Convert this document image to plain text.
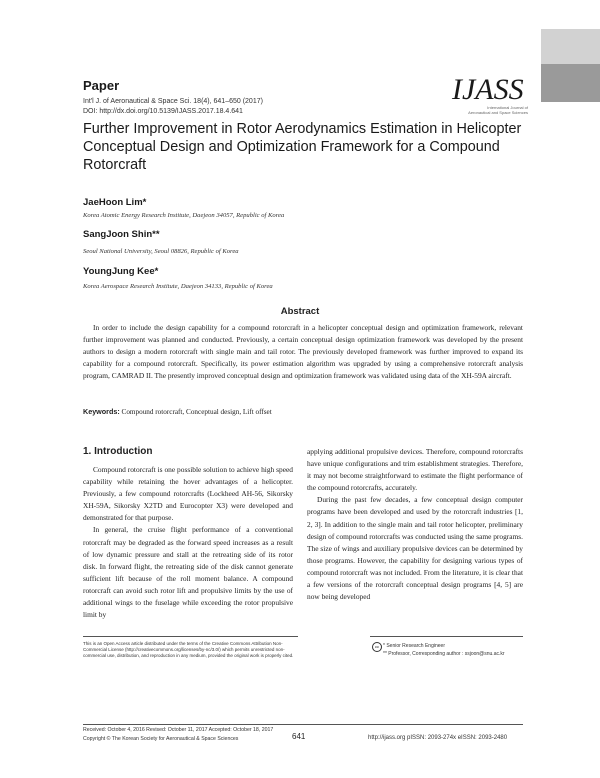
Paper
Int'l J. of Aeronautical & Space Sci. 18(4), 641–650 (2017)
DOI: http://dx.doi.org/10.5139/IJASS.2017.18.4.641
IJASS
International Journal of
Aeronautical and Space Sciences
Further Improvement in Rotor Aerodynamics Estimation in Helicopter Conceptual Design and Optimization Framework for a Compound Rotorcraft
JaeHoon Lim*
Korea Atomic Energy Research Institute, Daejeon 34057, Republic of Korea
SangJoon Shin**
Seoul National University, Seoul 08826, Republic of Korea
YoungJung Kee*
Korea Aerospace Research Institute, Daejeon 34133, Republic of Korea
Abstract
In order to include the design capability for a compound rotorcraft in a helicopter conceptual design and optimization framework, relevant further improvement was planned and conducted. Previously, a certain conceptual design optimization framework was developed by the present authors to design a modern rotorcraft with single main and tail rotor. The previously developed framework was further improved to expand its capability for a compound rotorcraft. Specifically, its power estimation algorithm was upgraded by using a comprehensive rotorcraft analysis program, CAMRAD II. The presently improved conceptual design and optimization framework was validated using data of the XH-59A aircraft.
Keywords: Compound rotorcraft, Conceptual design, Lift offset
1. Introduction

Compound rotorcraft is one possible solution to achieve high speed capability while retaining the hover advantages of a helicopter. Previously, a few compound rotorcrafts (Lockheed AH-56, Sikorsky XH-59A, Sikorsky X2TD and Eurocopter X3) were developed and demonstrated for that purpose.

In general, the cruise flight performance of a conventional rotorcraft may be degraded as the forward speed increases as a result of low dynamic pressure and stall at the retreating side of its rotor disk. In forward flight, the retreating side of the disk cannot generate sufficient lift because of the roll moment balance. A compound rotorcraft can avoid such rotor lift and propulsive limits by the use of additional wings to the fuselage while exceeding the rotor propulsive limit by

applying additional propulsive devices. Therefore, compound rotorcrafts have unique configurations and trim establishment strategies. Therefore, it may not become straightforward to estimate the flight performance of the compound rotorcrafts, accurately.

During the past few decades, a few conceptual design computer programs have been developed and used by the rotorcraft industries [1, 2, 3]. In addition to the single main and tail rotor helicopter, preliminary design of compound rotorcrafts was conducted using the same programs. The size of wings and auxiliary propulsive devices can be determined by those programs. However, the capability for designing various types of compound rotorcraft was not included. From the literature, it is clear that a few versions of the rotorcraft conceptual design programs [4, 5] are now being developed

This is an Open Access article distributed under the terms of the Creative Commons Attribution Non-Commercial License (http://creativecommons.org/licenses/by-nc/3.0/) which permits unrestricted non-commercial use, distribution, and reproduction in any medium, provided the original work is properly cited.
cc * Senior Research Engineer
** Professor, Corresponding author : ssjoon@snu.ac.kr
Received: October 4, 2016 Revised: October 11, 2017 Accepted: October 18, 2017
Copyright © The Korean Society for Aeronautical & Space Sciences	641	http://ijass.org pISSN: 2093-274x eISSN: 2093-2480
